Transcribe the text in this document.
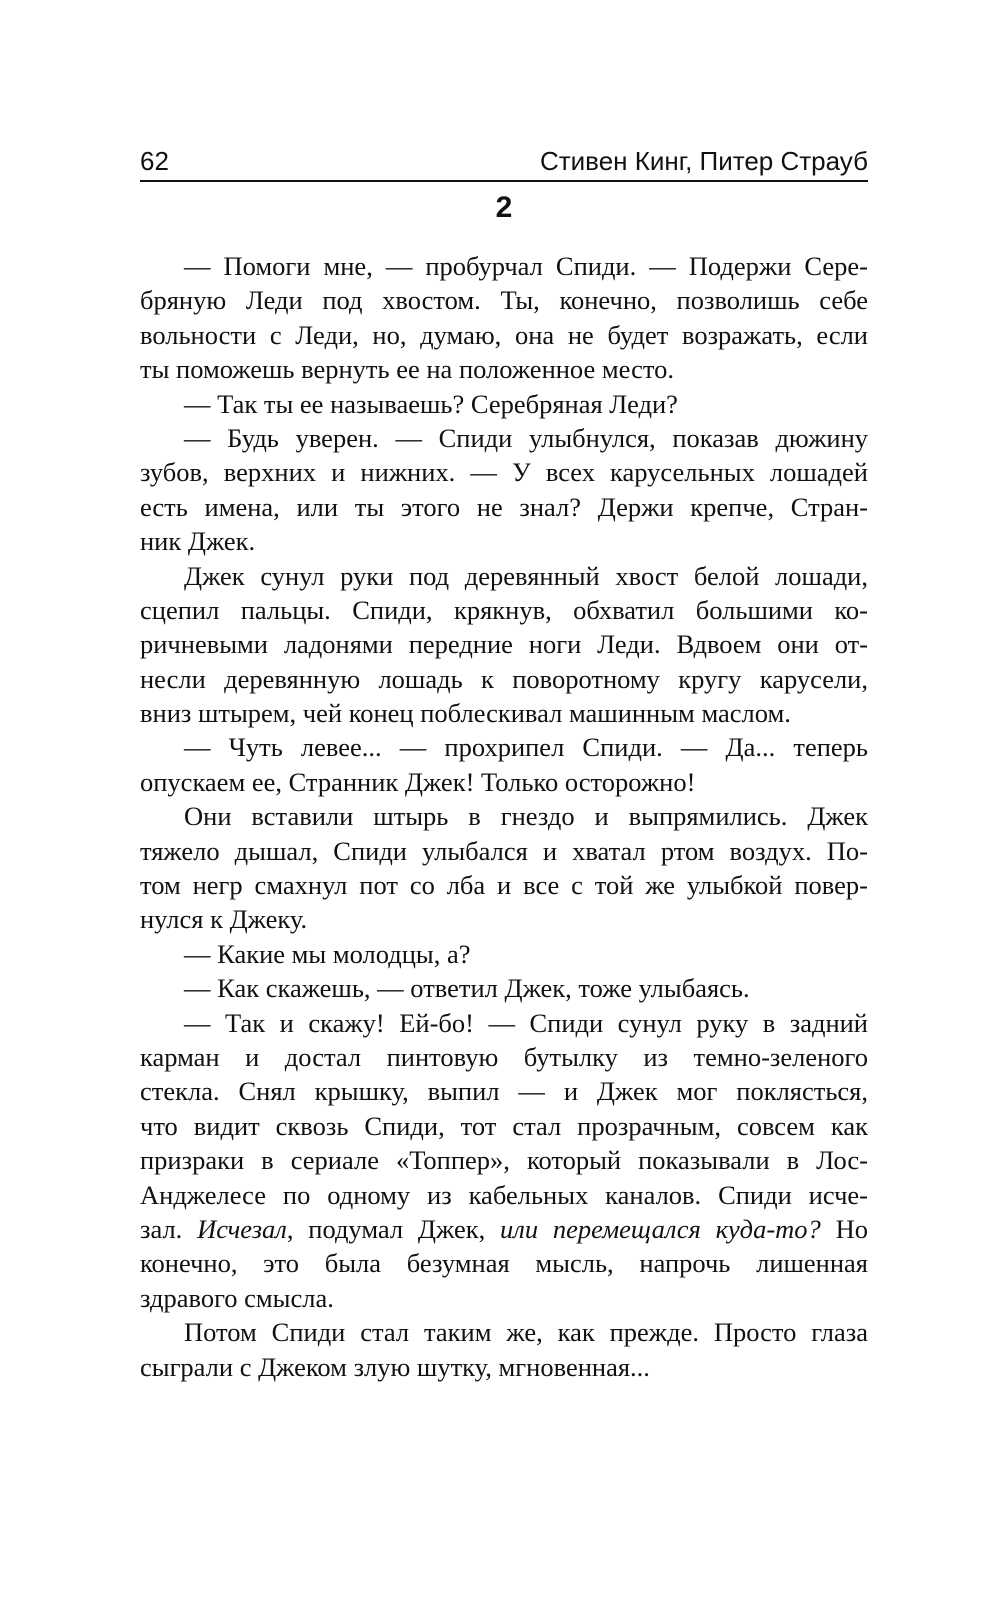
62	Стивен Кинг, Питер Страуб
2
— Помоги мне, — пробурчал Спиди. — Подержи Сере-
бряную Леди под хвостом. Ты, конечно, позволишь себе
вольности с Леди, но, думаю, она не будет возражать, если
ты поможешь вернуть ее на положенное место.
— Так ты ее называешь? Серебряная Леди?
— Будь уверен. — Спиди улыбнулся, показав дюжину
зубов, верхних и нижних. — У всех карусельных лошадей
есть имена, или ты этого не знал? Держи крепче, Стран-
ник Джек.
Джек сунул руки под деревянный хвост белой лошади,
сцепил пальцы. Спиди, крякнув, обхватил большими ко-
ричневыми ладонями передние ноги Леди. Вдвоем они от-
несли деревянную лошадь к поворотному кругу карусели,
вниз штырем, чей конец поблескивал машинным маслом.
— Чуть левее... — прохрипел Спиди. — Да... теперь
опускаем ее, Странник Джек! Только осторожно!
Они вставили штырь в гнездо и выпрямились. Джек
тяжело дышал, Спиди улыбался и хватал ртом воздух. По-
том негр смахнул пот со лба и все с той же улыбкой повер-
нулся к Джеку.
— Какие мы молодцы, а?
— Как скажешь, — ответил Джек, тоже улыбаясь.
— Так и скажу! Ей-бо! — Спиди сунул руку в задний
карман и достал пинтовую бутылку из темно-зеленого
стекла. Снял крышку, выпил — и Джек мог поклясться,
что видит сквозь Спиди, тот стал прозрачным, совсем как
призраки в сериале «Топпер», который показывали в Лос-
Анджелесе по одному из кабельных каналов. Спиди исче-
зал. Исчезал, подумал Джек, или перемещался куда-то? Но
конечно, это была безумная мысль, напрочь лишенная
здравого смысла.
Потом Спиди стал таким же, как прежде. Просто глаза
сыграли с Джеком злую шутку, мгновенная...
